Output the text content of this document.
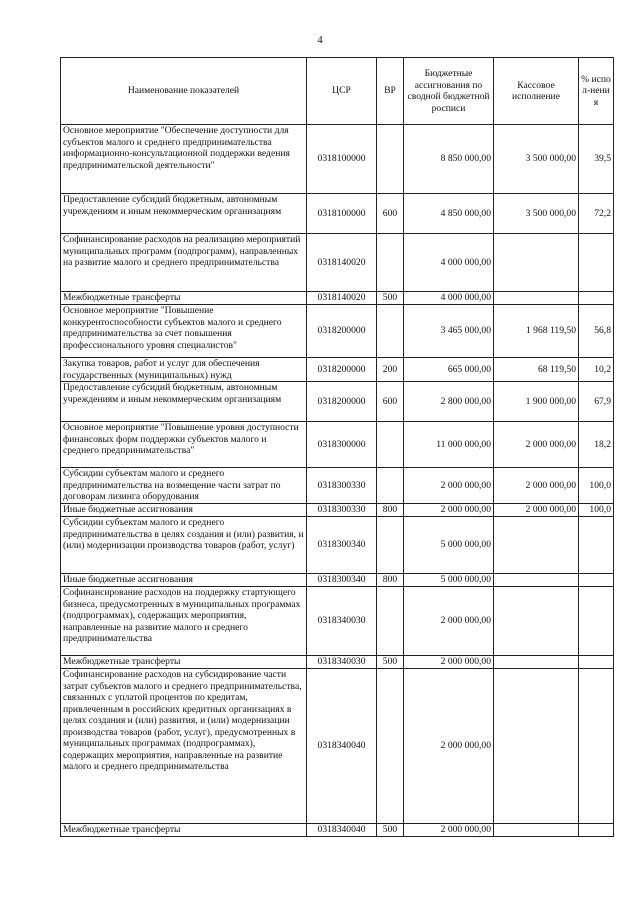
4
Наименование показателей	ЦСР	ВР	Бюджетные ассигнования по сводной бюджетной росписи	Кассовое исполнение	% испол-нения
Основное мероприятие "Обеспечение доступности для субъектов малого и среднего предпринимательства информационно-консультационной поддержки ведения предпринимательской деятельности"	0318100000		8 850 000,00	3 500 000,00	39,5
Предоставление субсидий бюджетным, автономным учреждениям и иным некоммерческим организациям	0318100000	600	4 850 000,00	3 500 000,00	72,2
Софинансирование расходов на реализацию мероприятий муниципальных программ (подпрограмм), направленных на развитие малого и среднего предпринимательства	0318140020		4 000 000,00		
Межбюджетные трансферты	0318140020	500	4 000 000,00		
Основное мероприятие "Повышение конкурентоспособности субъектов малого и среднего предпринимательства за счет повышения профессионального уровня специалистов"	0318200000		3 465 000,00	1 968 119,50	56,8
Закупка товаров, работ и услуг для обеспечения государственных (муниципальных) нужд	0318200000	200	665 000,00	68 119,50	10,2
Предоставление субсидий бюджетным, автономным учреждениям и иным некоммерческим организациям	0318200000	600	2 800 000,00	1 900 000,00	67,9
Основное мероприятие "Повышение уровня доступности финансовых форм поддержки субъектов малого и среднего предпринимательства"	0318300000		11 000 000,00	2 000 000,00	18,2
Субсидии субъектам малого и среднего предпринимательства на возмещение части затрат по договорам лизинга оборудования	0318300330		2 000 000,00	2 000 000,00	100,0
Иные бюджетные ассигнования	0318300330	800	2 000 000,00	2 000 000,00	100,0
Субсидии субъектам малого и среднего предпринимательства в целях создания и (или) развития, и (или) модернизации производства товаров (работ, услуг)	0318300340		5 000 000,00		
Иные бюджетные ассигнования	0318300340	800	5 000 000,00		
Софинансирование расходов на поддержку стартующего бизнеса, предусмотренных в муниципальных программах (подпрограммах), содержащих мероприятия, направленные на развитие малого и среднего предпринимательства	0318340030		2 000 000,00		
Межбюджетные трансферты	0318340030	500	2 000 000,00		
Софинансирование расходов на субсидирование части затрат субъектов малого и среднего предпринимательства, связанных с уплатой процентов по кредитам, привлеченным в российских кредитных организациях в целях создания и (или) развития, и (или) модернизации производства товаров (работ, услуг), предусмотренных в муниципальных программах (подпрограммах), содержащих мероприятия, направленные на развитие малого и среднего предпринимательства	0318340040		2 000 000,00		
Межбюджетные трансферты	0318340040	500	2 000 000,00		
